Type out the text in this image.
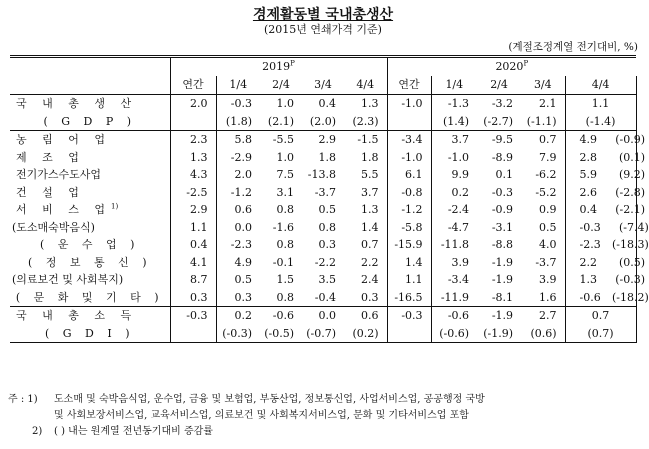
경제활동별 국내총생산
(2015년 연쇄가격 기준)
(계절조정계열 전기대비, %)
	$2019^P$					$2020^P$
	연간	1/4	2/4	3/4	4/4	연간	1/4	2/4	3/4	4/4
국 내 총 생 산	2.0	-0.3	1.0	0.4	1.3	-1.0	-1.3	-3.2	2.1	1.1

( G D P )		(1.8)	(2.1)	(2.0)	(2.3)		(1.4)	(-2.7)	(-1.1)	(-1.4)

농 림 어 업	2.3	5.8	-5.5	2.9	-1.5	-3.4	3.7	-9.5	0.7	4.9 (-0.9)

제 조 업	1.3	-2.9	1.0	1.8	1.8	-1.0	-1.0	-8.9	7.9	2.8 (0.1)

전기가스수도사업	4.3	2.0	7.5	-13.8	5.5	6.1	9.9	0.1	-6.2	5.9 (9.2)

건 설 업	-2.5	-1.2	3.1	-3.7	3.7	-0.8	0.2	-0.3	-5.2	2.6 (-2.8)

서 비 스 업$^{1)}$	2.9	0.6	0.8	0.5	1.3	-1.2	-2.4	-0.9	0.9	0.4 (-2.1)

(도소매숙박음식)	1.1	0.0	-1.6	0.8	1.4	-5.8	-4.7	-3.1	0.5	-0.3 (-7.4)

( 운 수 업 )	0.4	-2.3	0.8	0.3	0.7	-15.9	-11.8	-8.8	4.0	-2.3 (-18.3)

( 정 보 통 신 )	4.1	4.9	-0.1	-2.2	2.2	1.4	3.9	-1.9	-3.7	2.2 (0.5)

(의료보건 및 사회복지)	8.7	0.5	1.5	3.5	2.4	1.1	-3.4	-1.9	3.9	1.3 (-0.3)

( 문 화 및 기 타 )	0.3	0.3	0.8	-0.4	0.3	-16.5	-11.9	-8.1	1.6	-0.6 (-18.2)

국 내 총 소 득	-0.3	0.2	-0.6	0.0	0.6	-0.3	-0.6	-1.9	2.7	0.7

( G D I )		(-0.3)	(-0.5)	(-0.7)	(0.2)		(-0.6)	(-1.9)	(0.6)	(0.7)
주 : 1)	도소매 및 숙박음식업, 운수업, 금융 및 보험업, 부동산업, 정보통신업, 사업서비스업, 공공행정 국방
및 사회보장서비스업, 교육서비스업, 의료보건 및 사회복지서비스업, 문화 및 기타서비스업 포함
2)	( ) 내는 원계열 전년동기대비 증감률
